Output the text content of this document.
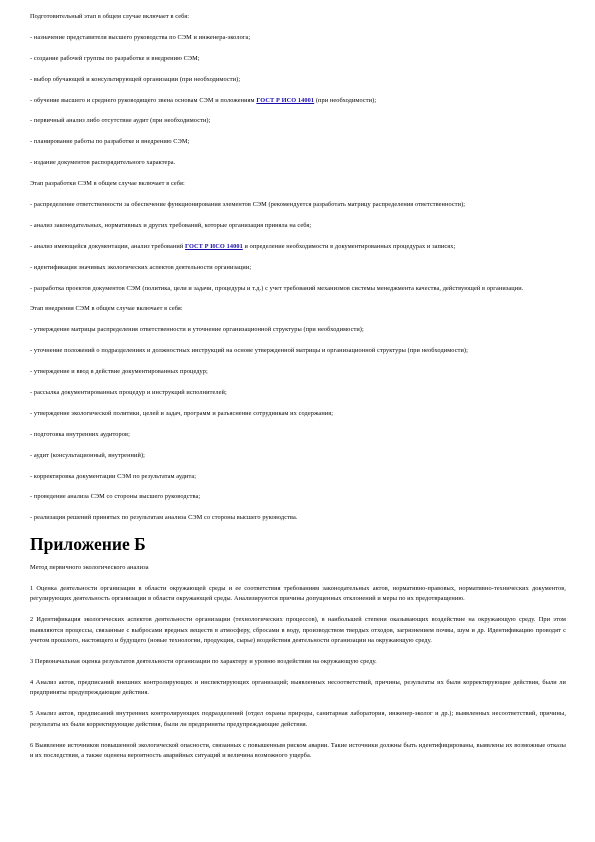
Подготовительный этап в общем случае включает в себя:

- назначение представителя высшего руководства по СЭМ и инженера-эколога;

- создание рабочей группы по разработке и внедрению СЭМ;

- выбор обучающей и консультирующей организации (при необходимости);

- обучение высшего и среднего руководящего звена основам СЭМ и положениям ГОСТ Р ИСО 14001 (при необходимости);

- первичный анализ либо отсутствие аудит (при необходимости);

- планирование работы по разработке и внедрению СЭМ;

- издание документов распорядительного характера.

Этап разработки СЭМ в общем случае включает в себя:

- распределение ответственности за обеспечение функционирования элементов СЭМ (рекомендуется разработать матрицу распределения ответственности);

- анализ законодательных, нормативных и других требований, которые организация приняла на себя;

- анализ имеющейся документации, анализ требований ГОСТ Р ИСО 14001 и определение необходимости в документированных процедурах и записях;

- идентификация значимых экологических аспектов деятельности организации;

- разработка проектов документов СЭМ (политика, цели и задачи, процедуры и т.д.) с учет требований механизмов системы менеджмента качества, действующей в организации.

Этап внедрения СЭМ в общем случае включает в себя:

- утверждение матрицы распределения ответственности и уточнение организационной структуры (при необходимости);

- уточнение положений о подразделениях и должностных инструкций на основе утвержденной матрицы и организационной структуры (при необходимости);

- утверждение и ввод в действие документированных процедур;

- рассылка документированных процедур и инструкций исполнителей;

- утверждение экологической политики, целей и задач, программ и разъяснение сотрудникам их содержания;

- подготовка внутренних аудиторов;

- аудит (консультационный, внутренний);

- корректировка документации СЭМ по результатам аудита;

- проведение анализа СЭМ со стороны высшего руководства;

- реализация решений принятых по результатам анализа СЭМ со стороны высшего руководства.

Приложение Б

Метод первичного экологического анализа

1 Оценка деятельности организации в области окружающей среды и ее соответствия требованиям законодательных актов, нормативно-правовых, нормативно-технических документов, регулирующих деятельность организации в области окружающей среды. Анализируются причины допущенных отклонений и меры по их предотвращению.

2 Идентификация экологических аспектов деятельности организации (технологических процессов), в наибольшей степени оказывающих воздействие на окружающую среду. При этом выявляются процессы, связанные с выбросами вредных веществ в атмосферу, сбросами в воду, производством твердых отходов, загрязнением почвы, шум и др. Идентификацию проводят с учетом прошлого, настоящего и будущего (новые технологии, продукция, сырье) воздействия деятельности организации на окружающую среду.

3 Первоначальная оценка результатов деятельности организации по характеру и уровню воздействия на окружающую среду.

4 Анализ актов, предписаний внешних контролирующих и инспектирующих организаций; выявленных несоответствий, причины, результаты их были корректирующие действия, были ли предприняты предупреждающие действия.

5 Анализ актов, предписаний внутренних контролирующих подразделений (отдел охраны природы, санитарная лаборатория, инженер-эколог и др.); выявленных несоответствий, причины, результаты их были корректирующие действия, были ли предприняты предупреждающие действия.

6 Выявление источников повышенной экологической опасности, связанных с повышенным риском аварии. Такие источники должны быть идентифицированы, выявлены их возможные отказы и их последствия, а также оценена вероятность аварийных ситуаций и величина возможного ущерба.
